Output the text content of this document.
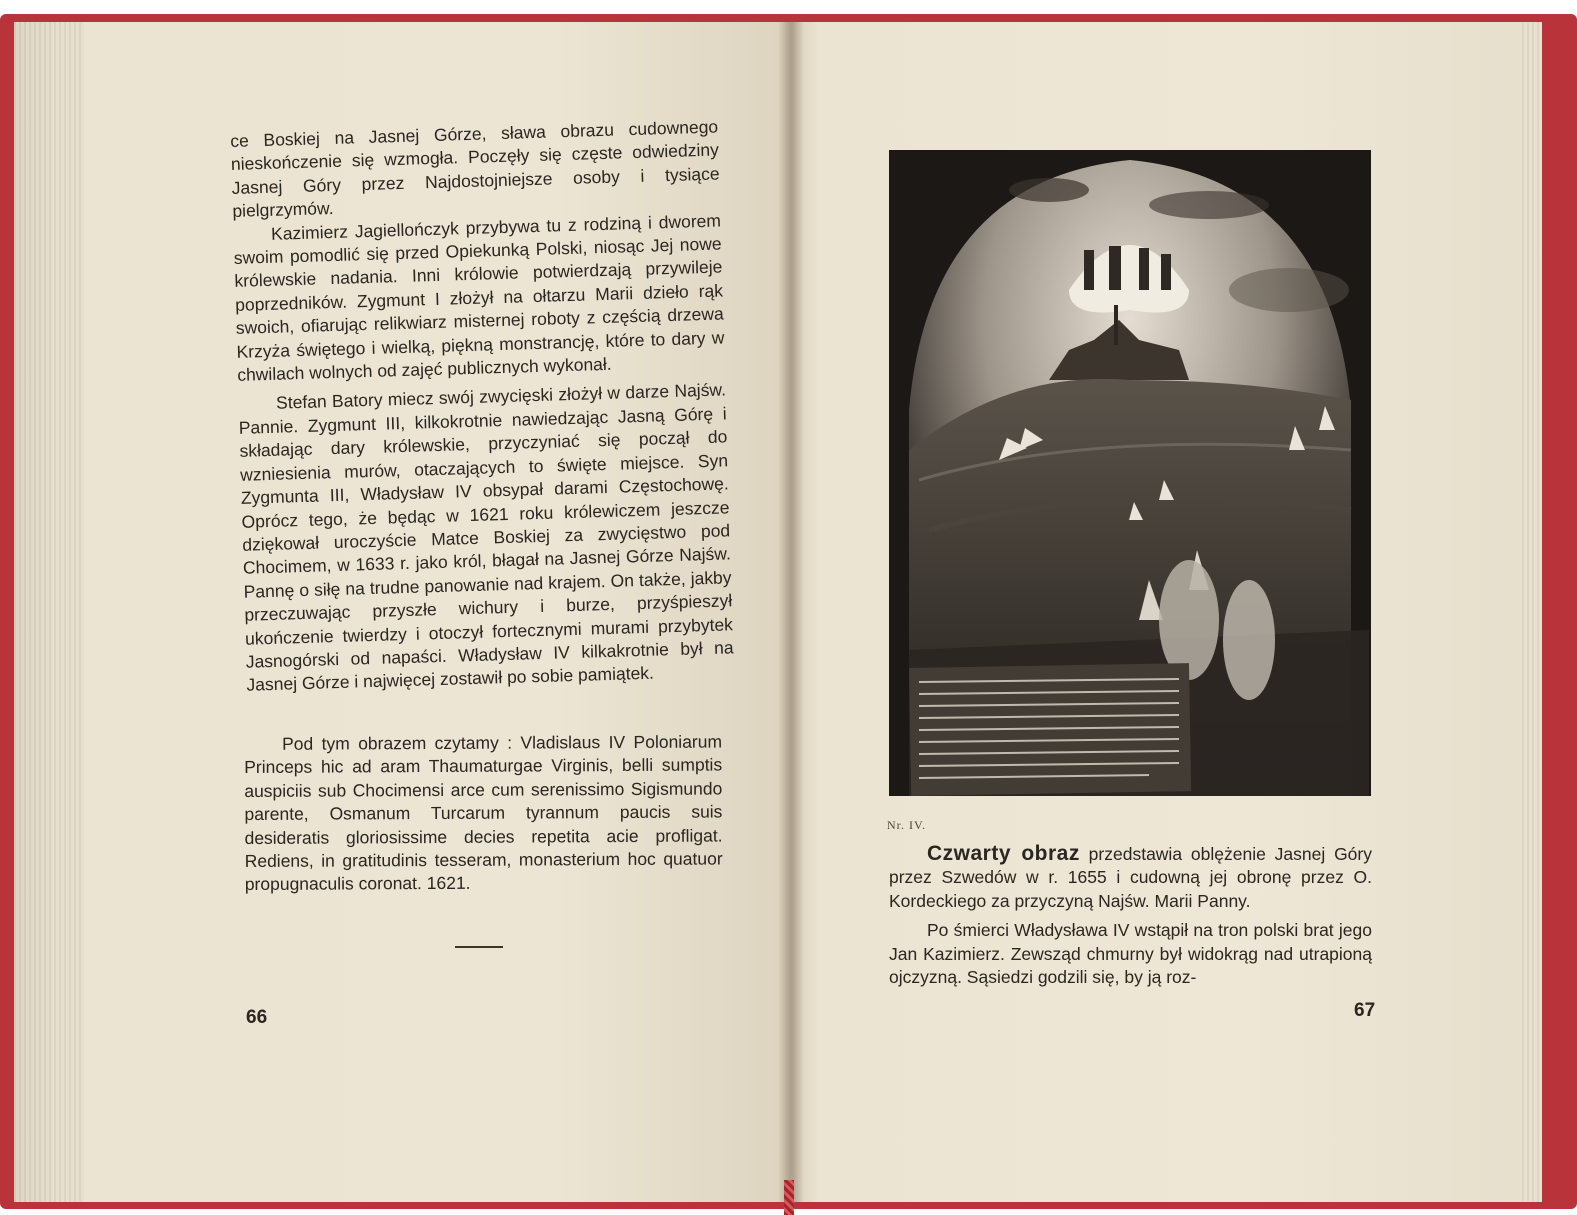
ce Boskiej na Jasnej Górze, sława obrazu cudownego nieskończenie się wzmogła. Poczęły się częste odwiedziny Jasnej Góry przez Najdostojniejsze osoby i tysiące pielgrzymów.

Kazimierz Jagiellończyk przybywa tu z rodziną i dworem swoim pomodlić się przed Opiekunką Polski, niosąc Jej nowe królewskie nadania. Inni królowie potwierdzają przywileje poprzedników. Zygmunt I złożył na ołtarzu Marii dzieło rąk swoich, ofiarując relikwiarz misternej roboty z częścią drzewa Krzyża świętego i wielką, piękną monstrancję, które to dary w chwilach wolnych od zajęć publicznych wykonał.

Stefan Batory miecz swój zwycięski złożył w darze Najśw. Pannie. Zygmunt III, kilkokrotnie nawiedzając Jasną Górę i składając dary królewskie, przyczyniać się począł do wzniesienia murów, otaczających to święte miejsce. Syn Zygmunta III, Władysław IV obsypał darami Częstochowę. Oprócz tego, że będąc w 1621 roku królewiczem jeszcze dziękował uroczyście Matce Boskiej za zwycięstwo pod Chocimem, w 1633 r. jako król, błagał na Jasnej Górze Najśw. Pannę o siłę na trudne panowanie nad krajem. On także, jakby przeczuwając przyszłe wichury i burze, przyśpieszył ukończenie twierdzy i otoczył fortecznymi murami przybytek Jasnogórski od napaści. Władysław IV kilkakrotnie był na Jasnej Górze i najwięcej zostawił po sobie pamiątek.

Pod tym obrazem czytamy : Vladislaus IV Poloniarum Princeps hic ad aram Thaumaturgae Virginis, belli sumptis auspiciis sub Chocimensi arce cum serenissimo Sigismundo parente, Osmanum Turcarum tyrannum paucis suis desideratis gloriosissime decies repetita acie profligat. Rediens, in gratitudinis tesseram, monasterium hoc quatuor propugnaculis coronat. 1621.

66
Nr. IV.

Czwarty obraz przedstawia oblężenie Jasnej Góry przez Szwedów w r. 1655 i cudowną jej obronę przez O. Kordeckiego za przyczyną Najśw. Marii Panny.

Po śmierci Władysława IV wstąpił na tron polski brat jego Jan Kazimierz. Zewsząd chmurny był widokrąg nad utrapioną ojczyzną. Sąsiedzi godzili się, by ją roz-

67
